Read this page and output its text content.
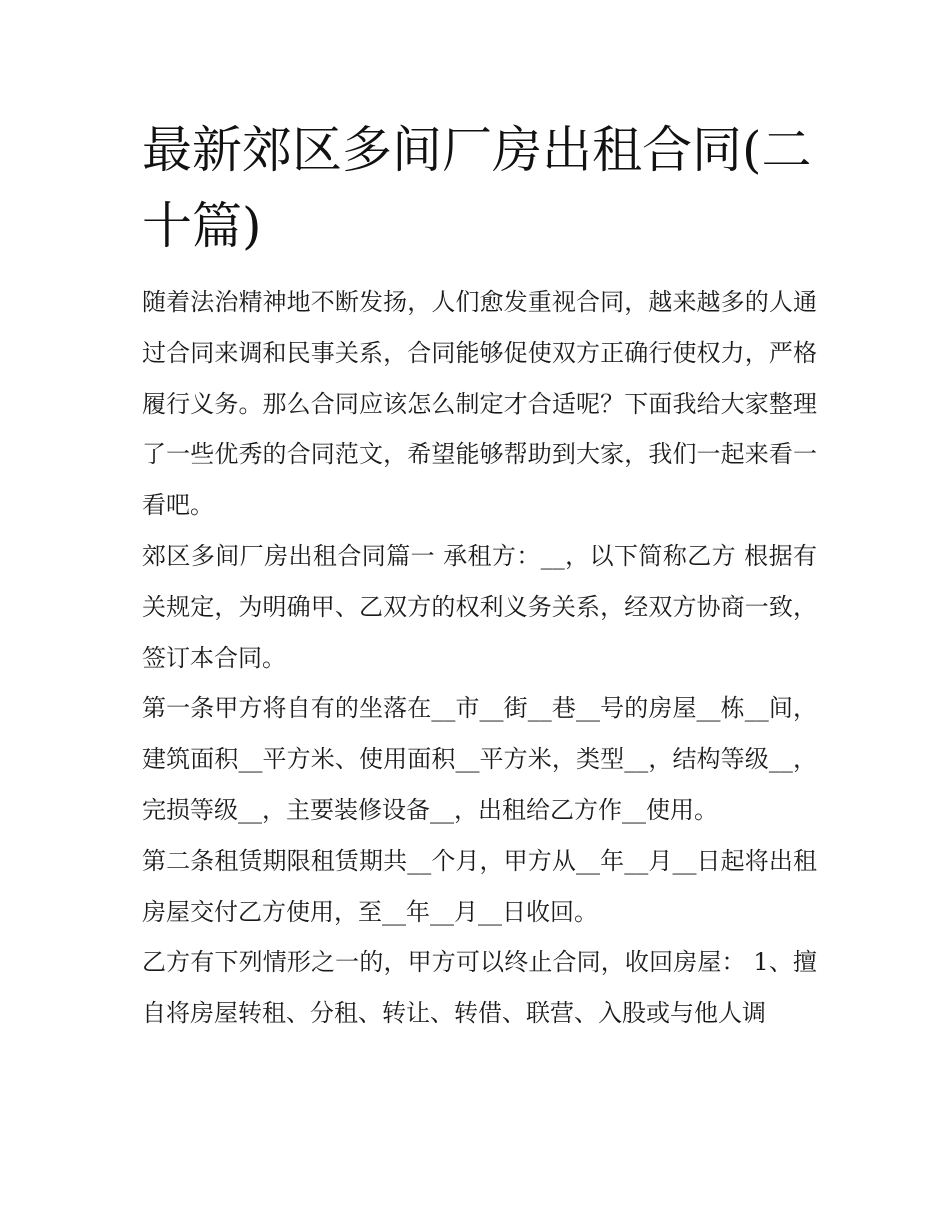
最新郊区多间厂房出租合同(二十篇)

随着法治精神地不断发扬，人们愈发重视合同，越来越多的人通过合同来调和民事关系，合同能够促使双方正确行使权力，严格履行义务。那么合同应该怎么制定才合适呢？下面我给大家整理了一些优秀的合同范文，希望能够帮助到大家，我们一起来看一看吧。

郊区多间厂房出租合同篇一 承租方：__，以下简称乙方 根据有关规定，为明确甲、乙双方的权利义务关系，经双方协商一致，签订本合同。

第一条甲方将自有的坐落在__市__街__巷__号的房屋__栋__间，建筑面积__平方米、使用面积__平方米，类型__，结构等级__，完损等级__，主要装修设备__，出租给乙方作__使用。

第二条租赁期限租赁期共__个月，甲方从__年__月__日起将出租房屋交付乙方使用，至__年__月__日收回。

乙方有下列情形之一的，甲方可以终止合同，收回房屋： 1、擅自将房屋转租、分租、转让、转借、联营、入股或与他人调
